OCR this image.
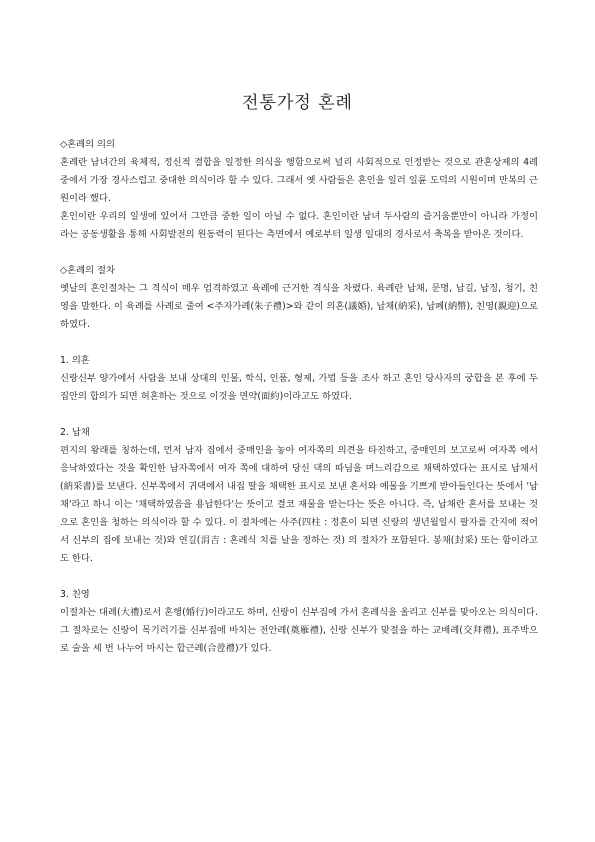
전통가정 혼례

◇혼례의 의의

혼례란 남녀간의 육체적, 정신적 결합을 일정한 의식을 행함으로써 널리 사회적으로 인정받는 것으로 관혼상제의 4례 중에서 가장 경사스럽고 중대한 의식이라 할 수 있다. 그래서 옛 사람들은 혼인을 일러 일륜 도덕의 시원이며 만복의 근원이라 했다.

혼인이란 우리의 일생에 있어서 그만큼 중한 일이 아닐 수 없다. 혼인이란 남녀 두사람의 즐거움뿐만이 아니라 가정이라는 공동생활을 통해 사회발전의 원동력이 된다는 측면에서 예로부터 일생 일대의 경사로서 축복을 받아온 것이다.

◇혼례의 절차

옛날의 혼인절차는 그 격식이 매우 엄격하였고 육례에 근거한 격식을 차렸다. 육례란 납채, 문명, 납길, 납징, 청기, 친영을 말한다. 이 육례를 사례로 줄여 <주자가례(朱子禮)>와 같이 의혼(議婚), 납채(納采), 납폐(納幣), 친영(親迎)으로 하였다.

1. 의혼

신랑신부 양가에서 사람을 보내 상대의 인물, 학식, 인품, 형제, 가법 등을 조사 하고 혼인 당사자의 궁합을 본 후에 두 집안의 합의가 되면 허혼하는 것으로 이것을 면약(面約)이라고도 하였다.

2. 납채

편지의 왕래를 칭하는데, 먼저 남자 집에서 중매인을 놓아 여자쪽의 의견을 타진하고, 중매인의 보고로써 여자쪽 에서 응낙하였다는 것을 확인한 남자쪽에서 여자 쪽에 대하여 당신 댁의 따님을 며느리감으로 채택하였다는 표시로 납채서(納采書)를 보낸다. 신부쪽에서 귀댁에서 내집 딸을 채택한 표시로 보낸 혼서와 예물을 기쁘게 받아들인다는 뜻에서 '납채'라고 하니 이는 '채택하였음을 용납한다'는 뜻이고 결코 재물을 받는다는 뜻은 아니다. 즉, 납채란 혼서를 보내는 것으로 혼인을 청하는 의식이라 할 수 있다. 이 절차에는 사주(四柱 : 정혼이 되면 신랑의 생년월일시 팔자를 간지에 적어서 신부의 집에 보내는 것)와 연길(涓吉 : 혼례식 치를 날을 정하는 것) 의 절차가 포함된다. 봉채(封采) 또는 함이라고도 한다.

3. 친영

이절차는 대례(大禮)로서 혼행(婚行)이라고도 하며, 신랑이 신부집에 가서 혼례식을 올리고 신부를 맞아오는 의식이다. 그 절차로는 신랑이 목기러기를 신부집에 바치는 전안례(奠雁禮), 신랑 신부가 맞절을 하는 교배례(交拜禮), 표주박으로 술을 세 번 나누어 마시는 합근례(合卺禮)가 있다.
